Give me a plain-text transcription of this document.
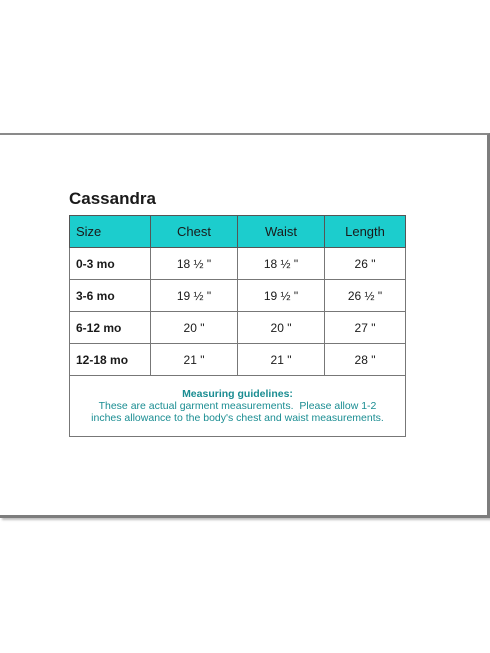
Cassandra
Size	Chest	Waist	Length
0-3 mo	18 ½ "	18 ½ "	26 "
3-6 mo	19 ½ "	19 ½ "	26 ½ "
6-12 mo	20 "	20 "	27 "
12-18 mo	21 "	21 "	28 "

Measuring guidelines:
These are actual garment measurements.  Please allow 1-2
inches allowance to the body's chest and waist measurements.			
